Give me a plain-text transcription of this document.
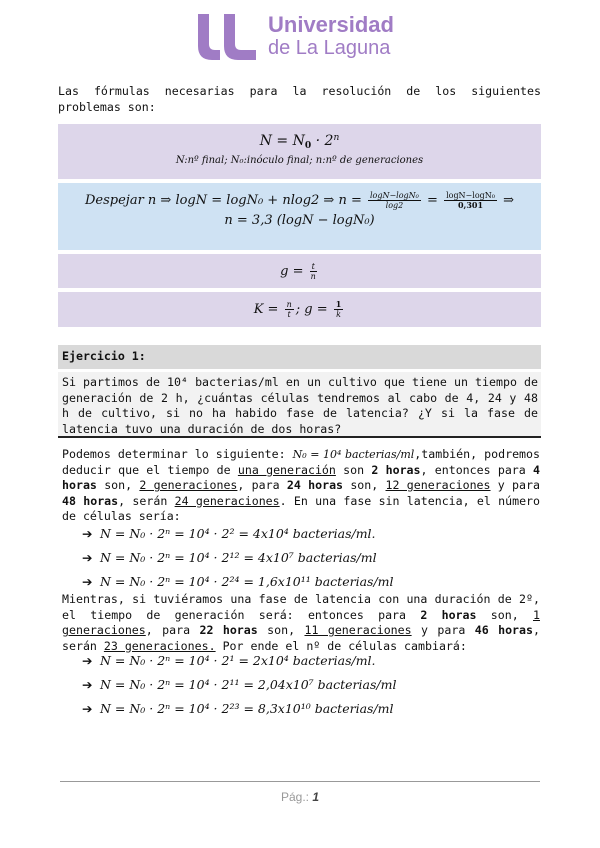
Universidad
de La Laguna
Las fórmulas necesarias para la resolución de los siguientes problemas son:
$N = N_0 \cdot 2^n$
N:nº final; N₀:inóculo final; n:nº de generaciones
Despejar n ⇒ logN = logN₀ + nlog2 ⇒ $n = \frac{\text{logN−logN₀}}{\log 2} = \frac{\text{logN−logN₀}}{0,301}$ ⇒
n = 3,3 (logN − logN₀)
$g = \frac{t}{n}$
$K = \frac{n}{t}$ ; $g = \frac{1}{k}$
Ejercicio 1:
Si partimos de 10⁴ bacterias/ml en un cultivo que tiene un tiempo de generación de 2 h, ¿cuántas células tendremos al cabo de 4, 24 y 48 h de cultivo, si no ha habido fase de latencia? ¿Y si la fase de latencia tuvo una duración de dos horas?
Podemos determinar lo siguiente: N₀ = 10⁴ bacterias/ml,también, podremos deducir que el tiempo de una generación son 2 horas, entonces para 4 horas son, 2 generaciones, para 24 horas son, 12 generaciones y para 48 horas, serán 24 generaciones. En una fase sin latencia, el número de células sería:
➔ N = N₀ · 2ⁿ = 10⁴ · 2² = 4x10⁴ bacterias/ml.
➔ N = N₀ · 2ⁿ = 10⁴ · 2¹² = 4x10⁷ bacterias/ml
➔ N = N₀ · 2ⁿ = 10⁴ · 2²⁴ = 1,6x10¹¹ bacterias/ml
Mientras, si tuviéramos una fase de latencia con una duración de 2º, el tiempo de generación será: entonces para 2 horas son, 1 generaciones, para 22 horas son, 11 generaciones y para 46 horas, serán 23 generaciones. Por ende el nº de células cambiará:
➔ N = N₀ · 2ⁿ = 10⁴ · 2¹ = 2x10⁴ bacterias/ml.
➔ N = N₀ · 2ⁿ = 10⁴ · 2¹¹ = 2,04x10⁷ bacterias/ml
➔ N = N₀ · 2ⁿ = 10⁴ · 2²³ = 8,3x10¹⁰ bacterias/ml
Pág.: 1
